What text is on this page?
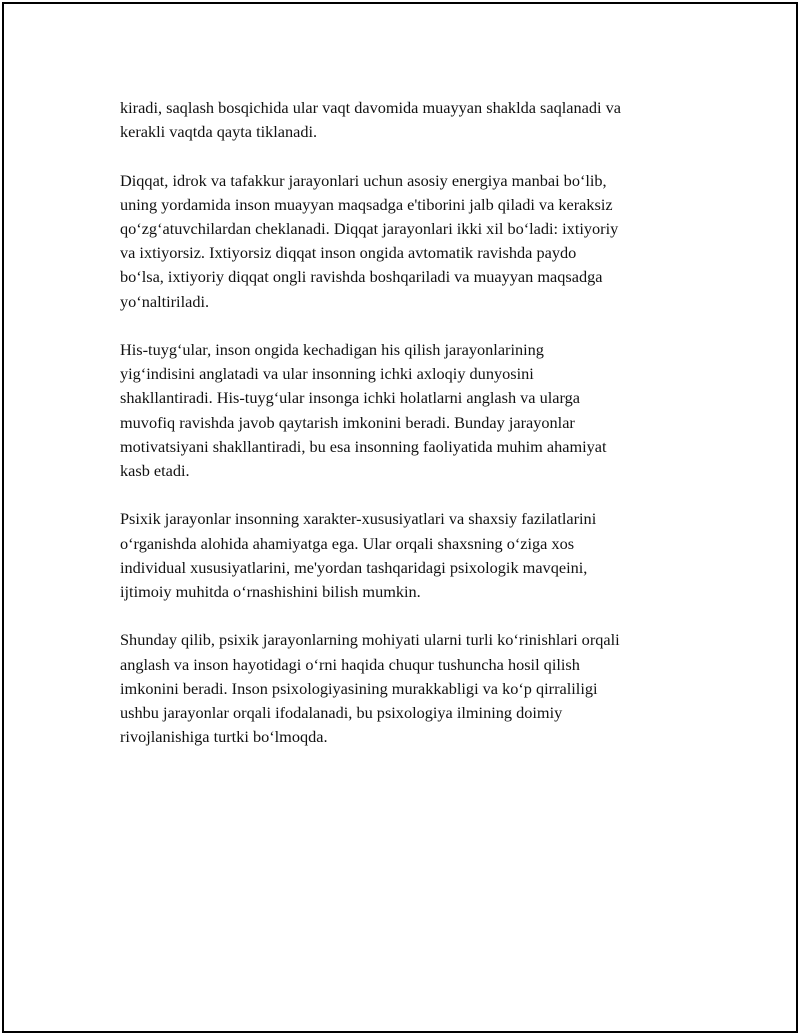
kiradi, saqlash bosqichida ular vaqt davomida muayyan shaklda saqlanadi va
kerakli vaqtda qayta tiklanadi.

Diqqat, idrok va tafakkur jarayonlari uchun asosiy energiya manbai boʻlib,
uning yordamida inson muayyan maqsadga e'tiborini jalb qiladi va keraksiz
qoʻzgʻatuvchilardan cheklanadi. Diqqat jarayonlari ikki xil boʻladi: ixtiyoriy
va ixtiyorsiz. Ixtiyorsiz diqqat inson ongida avtomatik ravishda paydo
boʻlsa, ixtiyoriy diqqat ongli ravishda boshqariladi va muayyan maqsadga
yoʻnaltiriladi.

His-tuygʻular, inson ongida kechadigan his qilish jarayonlarining
yigʻindisini anglatadi va ular insonning ichki axloqiy dunyosini
shakllantiradi. His-tuygʻular insonga ichki holatlarni anglash va ularga
muvofiq ravishda javob qaytarish imkonini beradi. Bunday jarayonlar
motivatsiyani shakllantiradi, bu esa insonning faoliyatida muhim ahamiyat
kasb etadi.

Psixik jarayonlar insonning xarakter-xususiyatlari va shaxsiy fazilatlarini
oʻrganishda alohida ahamiyatga ega. Ular orqali shaxsning oʻziga xos
individual xususiyatlarini, me'yordan tashqaridagi psixologik mavqeini,
ijtimoiy muhitda oʻrnashishini bilish mumkin.

Shunday qilib, psixik jarayonlarning mohiyati ularni turli koʻrinishlari orqali
anglash va inson hayotidagi oʻrni haqida chuqur tushuncha hosil qilish
imkonini beradi. Inson psixologiyasining murakkabligi va koʻp qirraliligi
ushbu jarayonlar orqali ifodalanadi, bu psixologiya ilmining doimiy
rivojlanishiga turtki boʻlmoqda.
